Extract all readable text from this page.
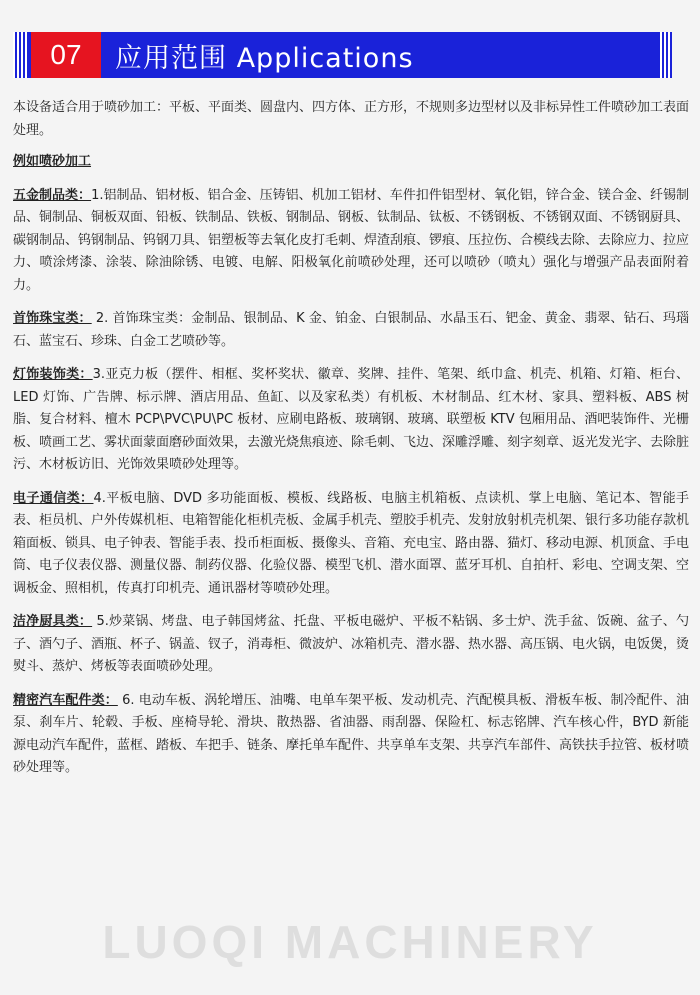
LUOQI MACHINERY
07	应用范围 Applications

本设备适合用于喷砂加工：平板、平面类、圆盘内、四方体、正方形，不规则多边型材以及非标异性工件喷砂加工表面处理。

例如喷砂加工

五金制品类：1.铝制品、铝材板、铝合金、压铸铝、机加工铝材、车件扣件铝型材、氧化铝，锌合金、镁合金、纤锡制品、铜制品、铜板双面、铅板、铁制品、铁板、钢制品、钢板、钛制品、钛板、不锈钢板、不锈钢双面、不锈钢厨具、碳钢制品、钨钢制品、钨钢刀具、铝塑板等去氧化皮打毛刺、焊渣刮痕、锣痕、压拉伤、合模线去除、去除应力、拉应力、喷涂烤漆、涂装、除油除锈、电镀、电解、阳极氧化前喷砂处理，还可以喷砂（喷丸）强化与增强产品表面附着力。

首饰珠宝类： 2. 首饰珠宝类：金制品、银制品、K 金、铂金、白银制品、水晶玉石、钯金、黄金、翡翠、钻石、玛瑙石、蓝宝石、珍珠、白金工艺喷砂等。

灯饰装饰类：3.亚克力板（摆件、相框、奖杯奖状、徽章、奖牌、挂件、笔架、纸巾盒、机壳、机箱、灯箱、柜台、LED 灯饰、广告牌、标示牌、酒店用品、鱼缸、以及家私类）有机板、木材制品、红木材、家具、塑料板、ABS 树脂、复合材料、檀木 PCP\PVC\PU\PC 板材、应刷电路板、玻璃钢、玻璃、联塑板 KTV 包厢用品、酒吧装饰件、光栅板、喷画工艺、雾状面蒙面磨砂面效果，去激光烧焦痕迹、除毛刺、飞边、深雕浮雕、刻字刻章、返光发光字、去除脏污、木材板访旧、光饰效果喷砂处理等。

电子通信类：4.平板电脑、DVD 多功能面板、模板、线路板、电脑主机箱板、点读机、掌上电脑、笔记本、智能手表、柜员机、户外传媒机柜、电箱智能化柜机壳板、金属手机壳、塑胶手机壳、发射放射机壳机架、银行多功能存款机箱面板、锁具、电子钟表、智能手表、投币柜面板、摄像头、音箱、充电宝、路由器、猫灯、移动电源、机顶盒、手电筒、电子仪表仪器、测量仪器、制药仪器、化验仪器、模型飞机、潜水面罩、蓝牙耳机、自拍杆、彩电、空调支架、空调板金、照相机，传真打印机壳、通讯器材等喷砂处理。

洁净厨具类： 5.炒菜锅、烤盘、电子韩国烤盆、托盘、平板电磁炉、平板不粘锅、多士炉、洗手盆、饭碗、盆子、勺子、酒勺子、酒瓶、杯子、锅盖、钗子，消毒柜、微波炉、冰箱机壳、潜水器、热水器、高压锅、电火锅，电饭煲，烫熨斗、蒸炉、烤板等表面喷砂处理。

精密汽车配件类： 6. 电动车板、涡轮增压、油嘴、电单车架平板、发动机壳、汽配模具板、滑板车板、制冷配件、油泵、刹车片、轮毂、手板、座椅导轮、滑块、散热器、省油器、雨刮器、保险杠、标志铭牌、汽车核心件，BYD 新能源电动汽车配件，蓝框、踏板、车把手、链条、摩托单车配件、共享单车支架、共享汽车部件、高铁扶手拉管、板材喷砂处理等。
